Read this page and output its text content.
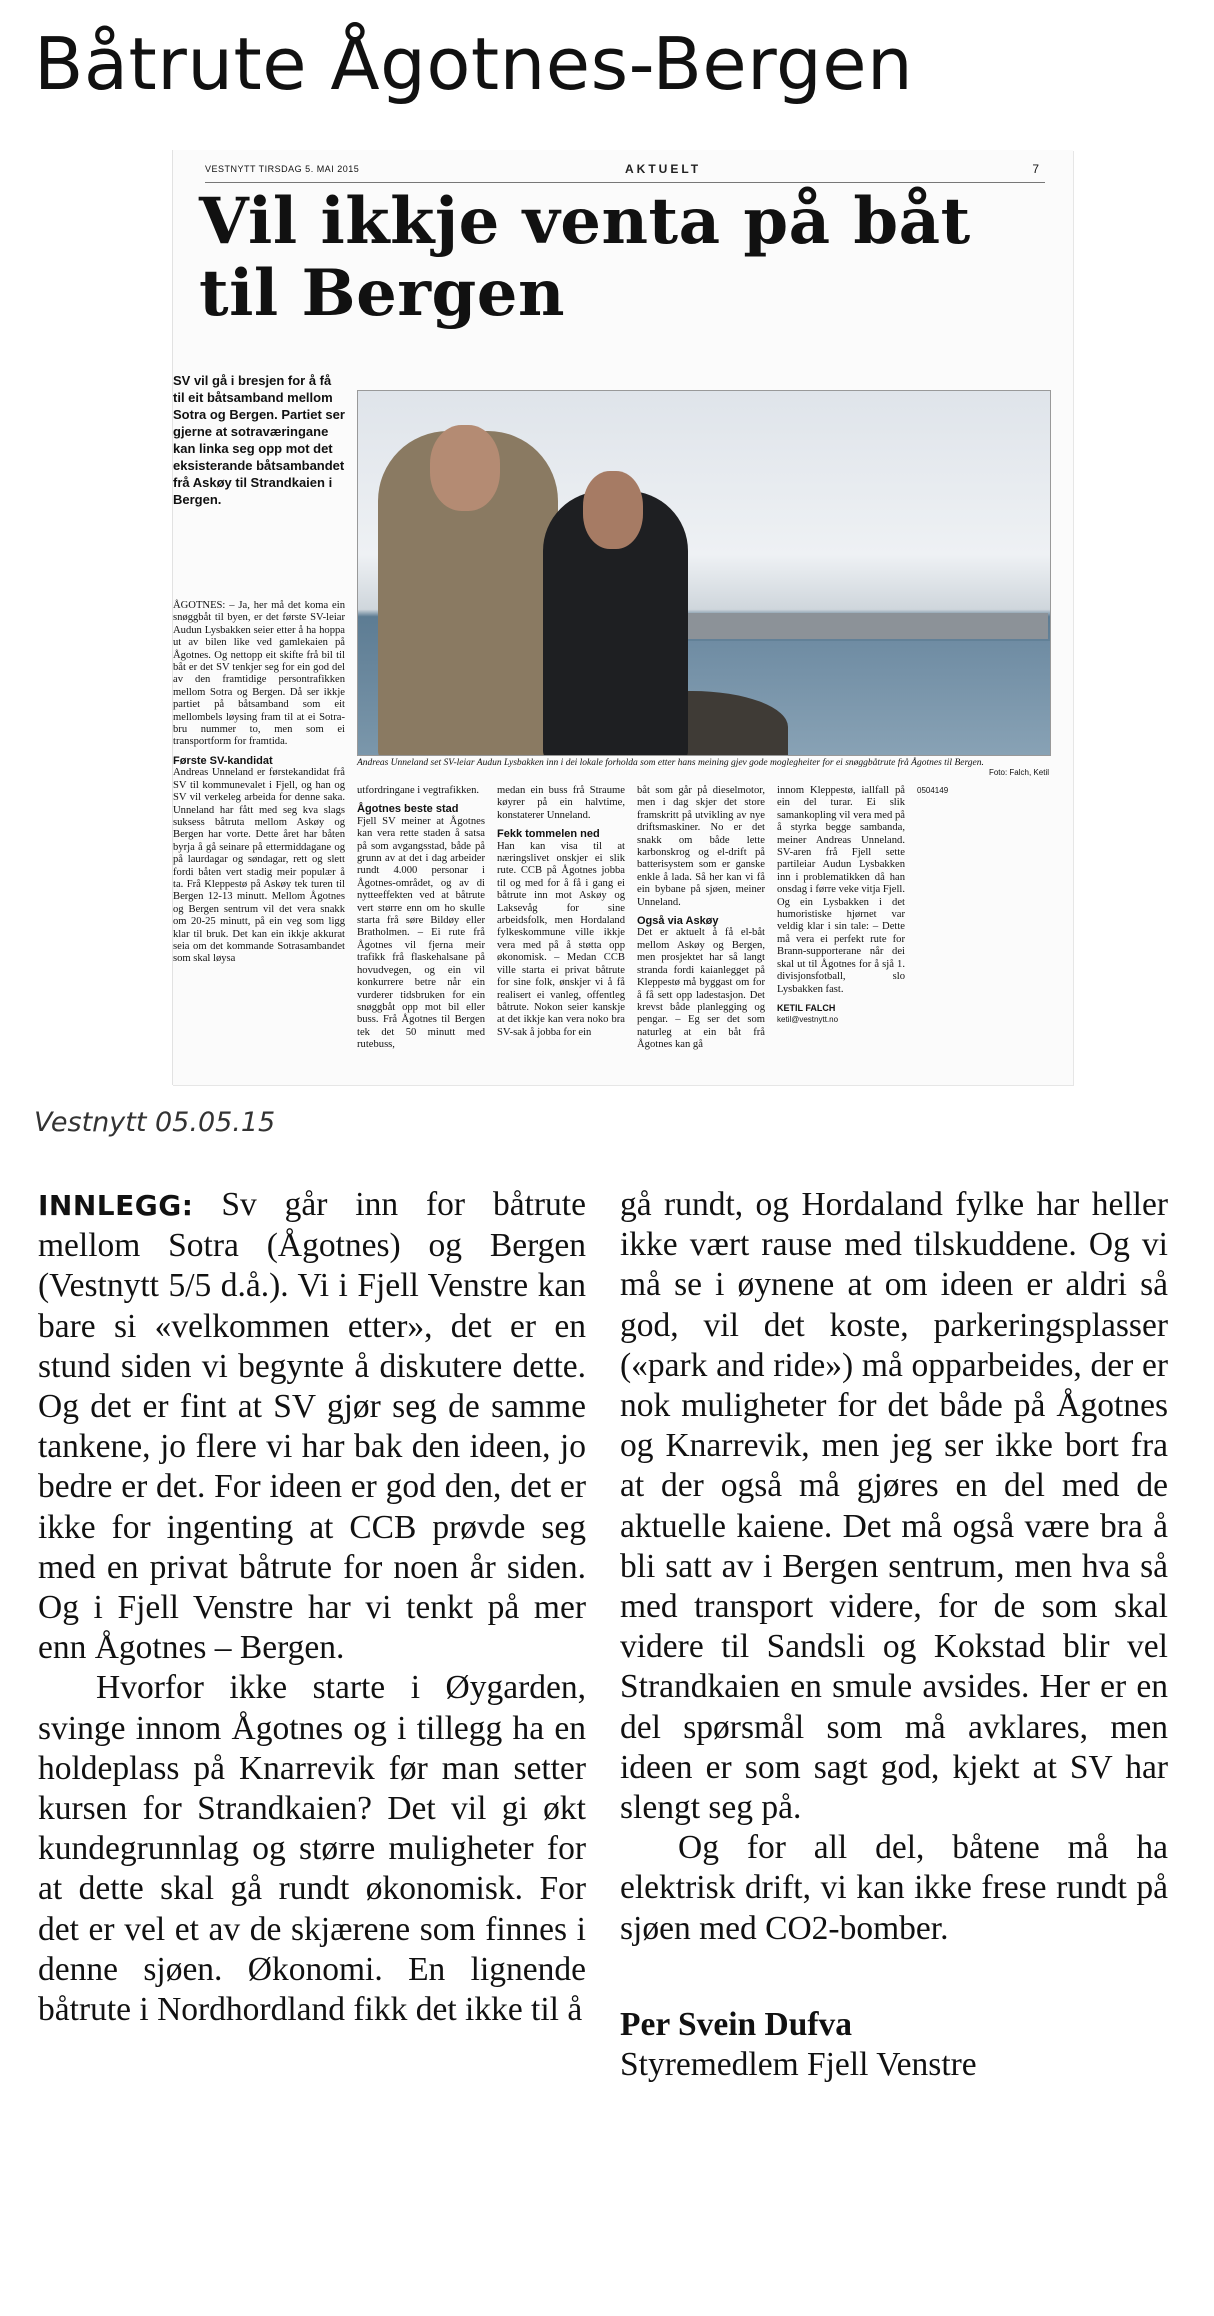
Båtrute Ågotnes-Bergen
VESTNYTT TIRSDAG 5. MAI 2015	AKTUELT	7
Vil ikkje venta på båt til Bergen
SV vil gå i bresjen for å få til eit båtsamband mellom Sotra og Bergen. Partiet ser gjerne at sotraværingane kan linka seg opp mot det eksisterande båtsambandet frå Askøy til Strandkaien i Bergen.
ÅGOTNES: – Ja, her må det koma ein snøggbåt til byen, er det første SV-leiar Audun Lysbakken seier etter å ha hoppa ut av bilen like ved gamlekaien på Ågotnes. Og nettopp eit skifte frå bil til båt er det SV tenkjer seg for ein god del av den framtidige persontrafikken mellom Sotra og Bergen. Då ser ikkje partiet på båtsamband som eit mellombels løysing fram til at ei Sotra-bru nummer to, men som ei transportform for framtida.
Første SV-kandidat
Andreas Unneland er førstekandidat frå SV til kommunevalet i Fjell, og han og SV vil verkeleg arbeida for denne saka. Unneland har fått med seg kva slags suksess båtruta mellom Askøy og Bergen har vorte. Dette året har båten byrja å gå seinare på ettermiddagane og på laurdagar og søndagar, rett og slett fordi båten vert stadig meir populær å ta. Frå Kleppestø på Askøy tek turen til Bergen 12-13 minutt. Mellom Ågotnes og Bergen sentrum vil det vera snakk om 20-25 minutt, på ein veg som ligg klar til bruk. Det kan ein ikkje akkurat seia om det kommande Sotrasambandet som skal løysa
Andreas Unneland set SV-leiar Audun Lysbakken inn i dei lokale forholda som etter hans meining gjev gode moglegheiter for ei snøggbåtrute frå Ågotnes til Bergen.
Foto: Falch, Ketil

utfordringane i vegtrafikken.

Ågotnes beste stad

Fjell SV meiner at Ågotnes kan vera rette staden å satsa på som avgangsstad, både på grunn av at det i dag arbeider rundt 4.000 personar i Ågotnes-området, og av di nytteeffekten ved at båtrute vert større enn om ho skulle starta frå søre Bildøy eller Bratholmen. – Ei rute frå Ågotnes vil fjerna meir trafikk frå flaskehalsane på hovudvegen, og ein vil konkurrere betre når ein vurderer tidsbruken for ein snøggbåt opp mot bil eller buss. Frå Ågotnes til Bergen tek det 50 minutt med rutebuss,

medan ein buss frå Straume køyrer på ein halvtime, konstaterer Unneland.

Fekk tommelen ned

Han kan visa til at næringslivet onskjer ei slik rute. CCB på Ågotnes jobba til og med for å få i gang ei båtrute inn mot Askøy og Laksevåg for sine arbeidsfolk, men Hordaland fylkeskommune ville ikkje vera med på å støtta opp økonomisk. – Medan CCB ville starta ei privat båtrute for sine folk, ønskjer vi å få realisert ei vanleg, offentleg båtrute. Nokon seier kanskje at det ikkje kan vera noko bra SV-sak å jobba for ein

båt som går på dieselmotor, men i dag skjer det store framskritt på utvikling av nye driftsmaskiner. No er det snakk om både lette karbonskrog og el-drift på batterisystem som er ganske enkle å lada. Så her kan vi få ein bybane på sjøen, meiner Unneland.

Også via Askøy

Det er aktuelt å få el-båt mellom Askøy og Bergen, men prosjektet har så langt stranda fordi kaianlegget på Kleppestø må byggast om for å få sett opp ladestasjon. Det krevst både planlegging og pengar. – Eg ser det som naturleg at ein båt frå Ågotnes kan gå

innom Kleppestø, iallfall på ein del turar. Ei slik samankopling vil vera med på å styrka begge sambanda, meiner Andreas Unneland. SV-aren frå Fjell sette partileiar Audun Lysbakken inn i problematikken då han onsdag i førre veke vitja Fjell. Og ein Lysbakken i det humoristiske hjørnet var veldig klar i sin tale: – Dette må vera ei perfekt rute for Brann-supporterane når dei skal ut til Ågotnes for å sjå 1. divisjonsfotball, slo Lysbakken fast.

KETIL FALCH
ketil@vestnytt.no
0504149
Vestnytt 05.05.15

INNLEGG: Sv går inn for båtrute mellom Sotra (Ågotnes) og Bergen (Vestnytt 5/5 d.å.). Vi i Fjell Venstre kan bare si «velkommen etter», det er en stund siden vi begynte å diskutere dette. Og det er fint at SV gjør seg de samme tankene, jo flere vi har bak den ideen, jo bedre er det. For ideen er god den, det er ikke for ingenting at CCB prøvde seg med en privat båtrute for noen år siden. Og i Fjell Venstre har vi tenkt på mer enn Ågotnes – Bergen.

Hvorfor ikke starte i Øygarden, svinge innom Ågotnes og i tillegg ha en holdeplass på Knarrevik før man setter kursen for Strandkaien? Det vil gi økt kundegrunnlag og større muligheter for at dette skal gå rundt økonomisk. For det er vel et av de skjærene som finnes i denne sjøen. Økonomi. En lignende båtrute i Nordhordland fikk det ikke til å

gå rundt, og Hordaland fylke har heller ikke vært rause med tilskuddene. Og vi må se i øynene at om ideen er aldri så god, vil det koste, parkeringsplasser («park and ride») må opparbeides, der er nok muligheter for det både på Ågotnes og Knarrevik, men jeg ser ikke bort fra at der også må gjøres en del med de aktuelle kaiene. Det må også være bra å bli satt av i Bergen sentrum, men hva så med transport videre, for de som skal videre til Sandsli og Kokstad blir vel Strandkaien en smule avsides. Her er en del spørsmål som må avklares, men ideen er som sagt god, kjekt at SV har slengt seg på.

Og for all del, båtene må ha elektrisk drift, vi kan ikke frese rundt på sjøen med CO2-bomber.

Per Svein Dufva
Styremedlem Fjell Venstre
